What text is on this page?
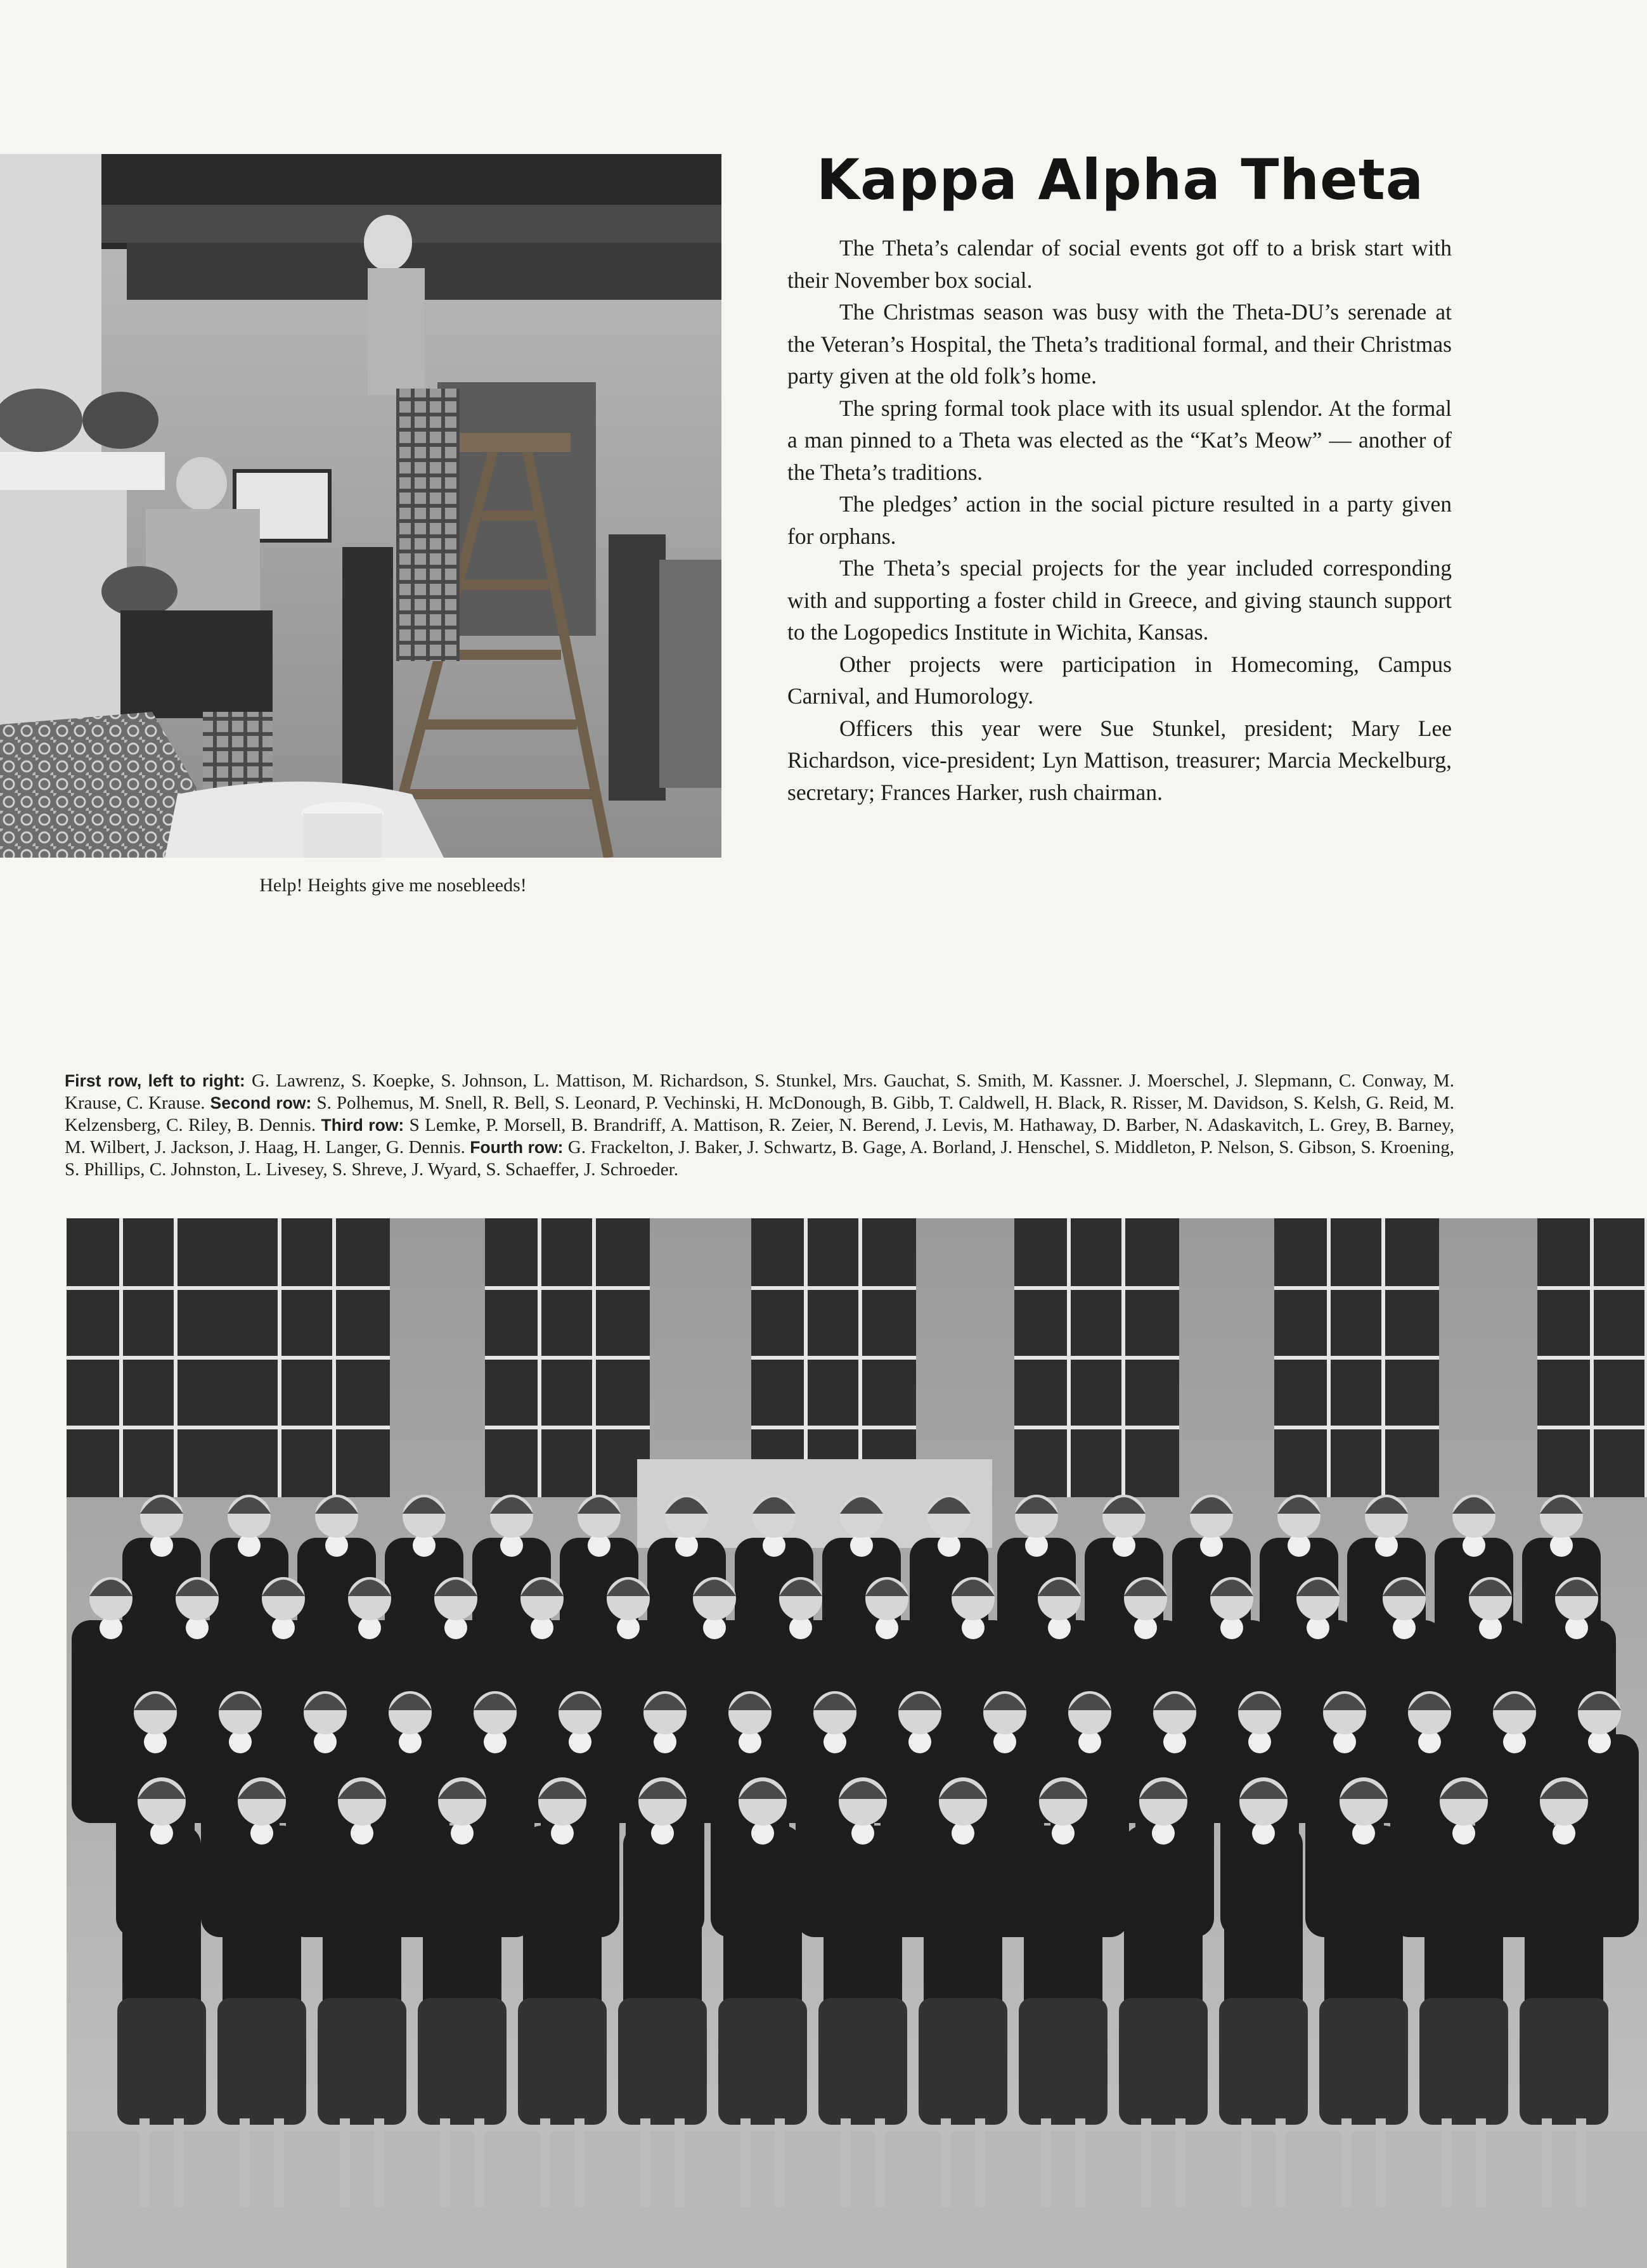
Help! Heights give me nosebleeds!
Kappa Alpha Theta

The Theta’s calendar of social events got off to a brisk start with their November box social.

The Christmas season was busy with the Theta-DU’s serenade at the Veteran’s Hospital, the Theta’s traditional formal, and their Christmas party given at the old folk’s home.

The spring formal took place with its usual splendor. At the formal a man pinned to a Theta was elected as the “Kat’s Meow” — another of the Theta’s traditions.

The pledges’ action in the social picture resulted in a party given for orphans.

The Theta’s special projects for the year included corresponding with and supporting a foster child in Greece, and giving staunch support to the Logopedics Institute in Wichita, Kansas.

Other projects were participation in Homecoming, Campus Carnival, and Humorology.

Officers this year were Sue Stunkel, president; Mary Lee Richardson, vice-president; Lyn Mattison, treasurer; Marcia Meckelburg, secretary; Frances Harker, rush chairman.

First row, left to right: G. Lawrenz, S. Koepke, S. Johnson, L. Mattison, M. Richardson, S. Stunkel, Mrs. Gauchat, S. Smith, M. Kassner. J. Moerschel, J. Slepmann, C. Conway, M. Krause, C. Krause. Second row: S. Polhemus, M. Snell, R. Bell, S. Leonard, P. Vechinski, H. McDonough, B. Gibb, T. Caldwell, H. Black, R. Risser, M. Davidson, S. Kelsh, G. Reid, M. Kelzensberg, C. Riley, B. Dennis. Third row: S Lemke, P. Morsell, B. Brandriff, A. Mattison, R. Zeier, N. Berend, J. Levis, M. Hathaway, D. Barber, N. Adaskavitch, L. Grey, B. Barney, M. Wilbert, J. Jackson, J. Haag, H. Langer, G. Dennis. Fourth row: G. Frackelton, J. Baker, J. Schwartz, B. Gage, A. Borland, J. Henschel, S. Middleton, P. Nelson, S. Gibson, S. Kroening, S. Phillips, C. Johnston, L. Livesey, S. Shreve, J. Wyard, S. Schaeffer, J. Schroeder.
